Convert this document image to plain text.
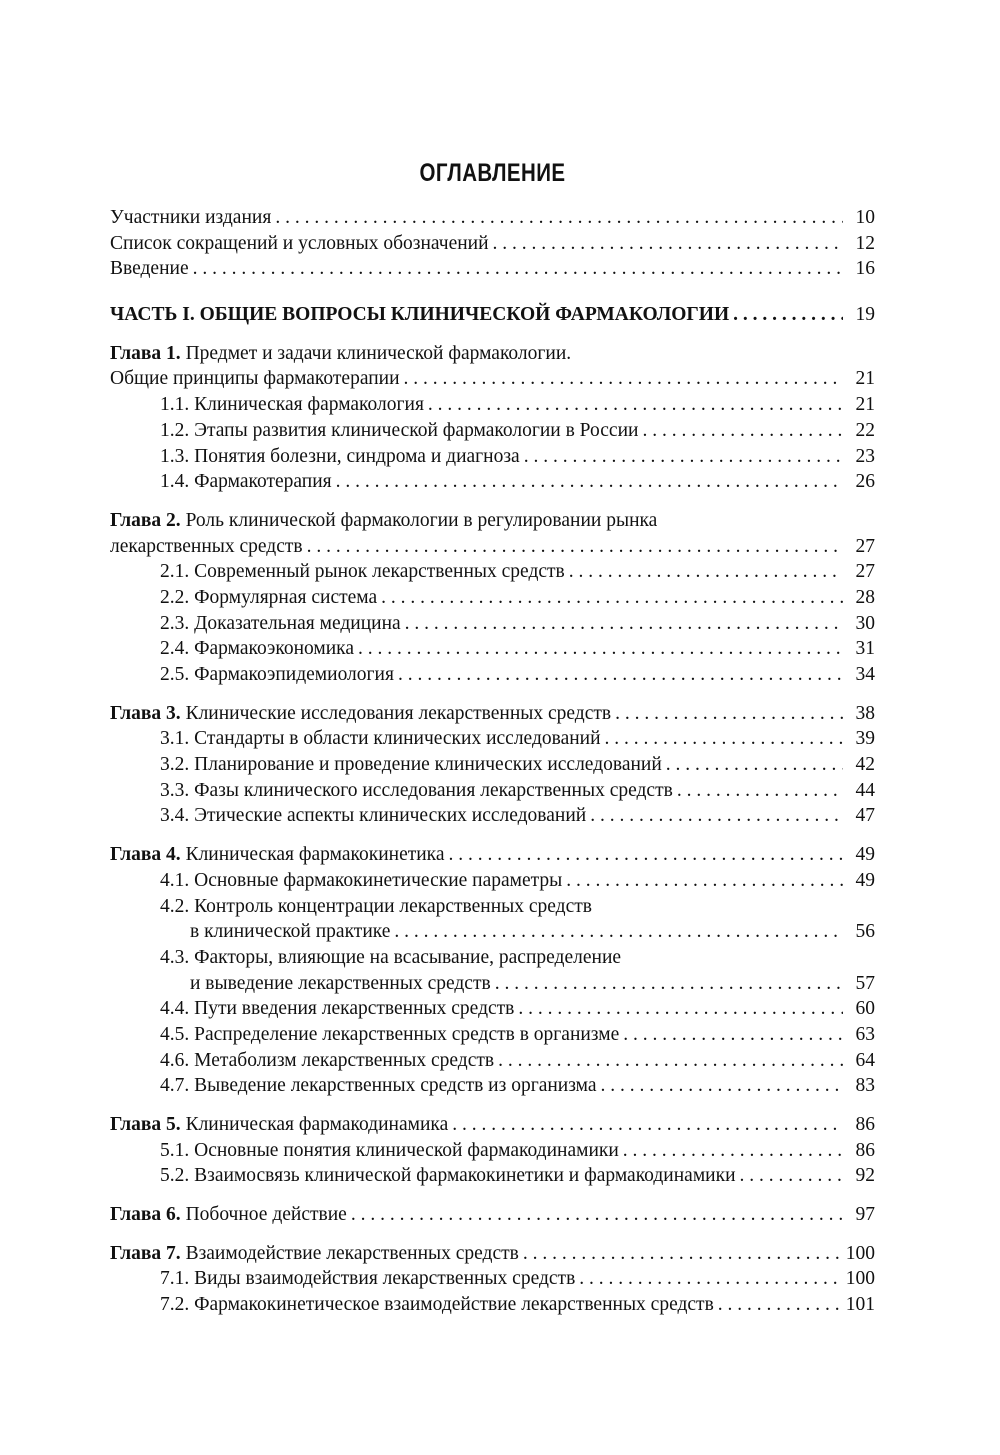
ОГЛАВЛЕНИЕ
Участники издания . . .	10
Список сокращений и условных обозначений . . .	12
Введение . . .	16
ЧАСТЬ I. ОБЩИЕ ВОПРОСЫ КЛИНИЧЕСКОЙ ФАРМАКОЛОГИИ . . .	19
Глава 1. Предмет и задачи клинической фармакологии.
Общие принципы фармакотерапии . . .	21
1.1. Клиническая фармакология . . .	21
1.2. Этапы развития клинической фармакологии в России . . .	22
1.3. Понятия болезни, синдрома и диагноза . . .	23
1.4. Фармакотерапия . . .	26
Глава 2. Роль клинической фармакологии в регулировании рынка
лекарственных средств . . .	27
2.1. Современный рынок лекарственных средств . . .	27
2.2. Формулярная система . . .	28
2.3. Доказательная медицина . . .	30
2.4. Фармакоэкономика . . .	31
2.5. Фармакоэпидемиология . . .	34
Глава 3. Клинические исследования лекарственных средств . . .	38
3.1. Стандарты в области клинических исследований . . .	39
3.2. Планирование и проведение клинических исследований . . .	42
3.3. Фазы клинического исследования лекарственных средств . . .	44
3.4. Этические аспекты клинических исследований . . .	47
Глава 4. Клиническая фармакокинетика . . .	49
4.1. Основные фармакокинетические параметры . . .	49
4.2. Контроль концентрации лекарственных средств
в клинической практике . . .	56
4.3. Факторы, влияющие на всасывание, распределение
и выведение лекарственных средств . . .	57
4.4. Пути введения лекарственных средств . . .	60
4.5. Распределение лекарственных средств в организме . . .	63
4.6. Метаболизм лекарственных средств . . .	64
4.7. Выведение лекарственных средств из организма . . .	83
Глава 5. Клиническая фармакодинамика . . .	86
5.1. Основные понятия клинической фармакодинамики . . .	86
5.2. Взаимосвязь клинической фармакокинетики и фармакодинамики . . .	92
Глава 6. Побочное действие . . .	97
Глава 7. Взаимодействие лекарственных средств . . .	100
7.1. Виды взаимодействия лекарственных средств . . .	100
7.2. Фармакокинетическое взаимодействие лекарственных средств . . .	101
